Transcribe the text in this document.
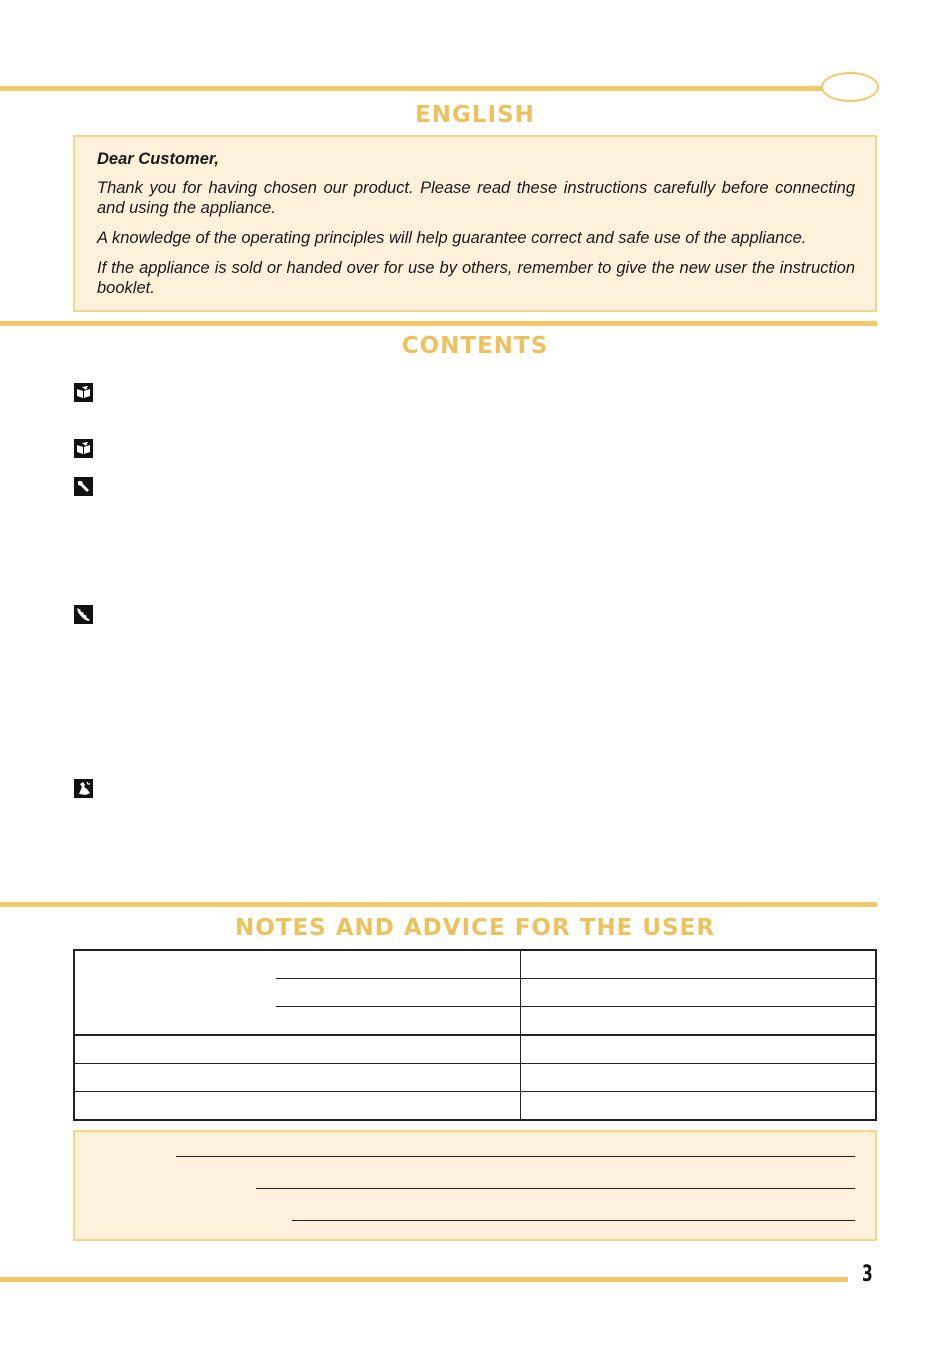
ENGLISH

Dear Customer,

Thank you for having chosen our product. Please read these instructions carefully before connecting and using the appliance.

A knowledge of the operating principles will help guarantee correct and safe use of the appliance.

If the appliance is sold or handed over for use by others, remember to give the new user the instruction booklet.

CONTENTS
NOTES AND ADVICE FOR THE USER

3
